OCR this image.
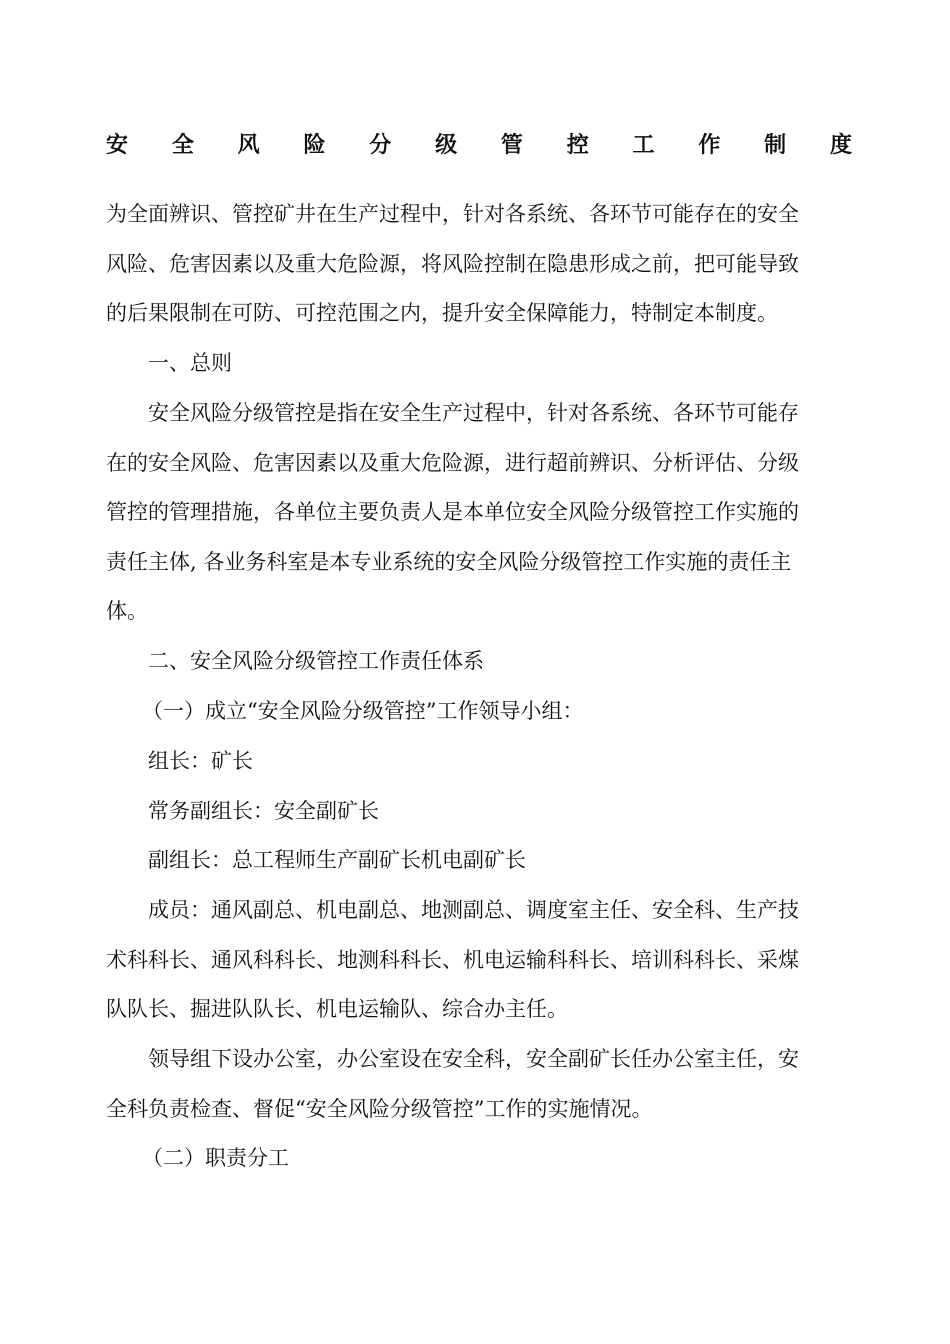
安 全 风 险 分 级 管 控 工 作 制 度
为全面辨识、管控矿井在生产过程中，针对各系统、各环节可能存在的安全
风险、危害因素以及重大危险源，将风险控制在隐患形成之前，把可能导致
的后果限制在可防、可控范围之内，提升安全保障能力，特制定本制度。
一、总则
安全风险分级管控是指在安全生产过程中，针对各系统、各环节可能存
在的安全风险、危害因素以及重大危险源，进行超前辨识、分析评估、分级
管控的管理措施，各单位主要负责人是本单位安全风险分级管控工作实施的
责任主体, 各业务科室是本专业系统的安全风险分级管控工作实施的责任主
体。
二、安全风险分级管控工作责任体系
（一）成立“安全风险分级管控”工作领导小组：
组长：矿长
常务副组长：安全副矿长
副组长：总工程师生产副矿长机电副矿长
成员：通风副总、机电副总、地测副总、调度室主任、安全科、生产技
术科科长、通风科科长、地测科科长、机电运输科科长、培训科科长、采煤
队队长、掘进队队长、机电运输队、综合办主任。
领导组下设办公室，办公室设在安全科，安全副矿长任办公室主任，安
全科负责检查、督促“安全风险分级管控”工作的实施情况。
（二）职责分工
